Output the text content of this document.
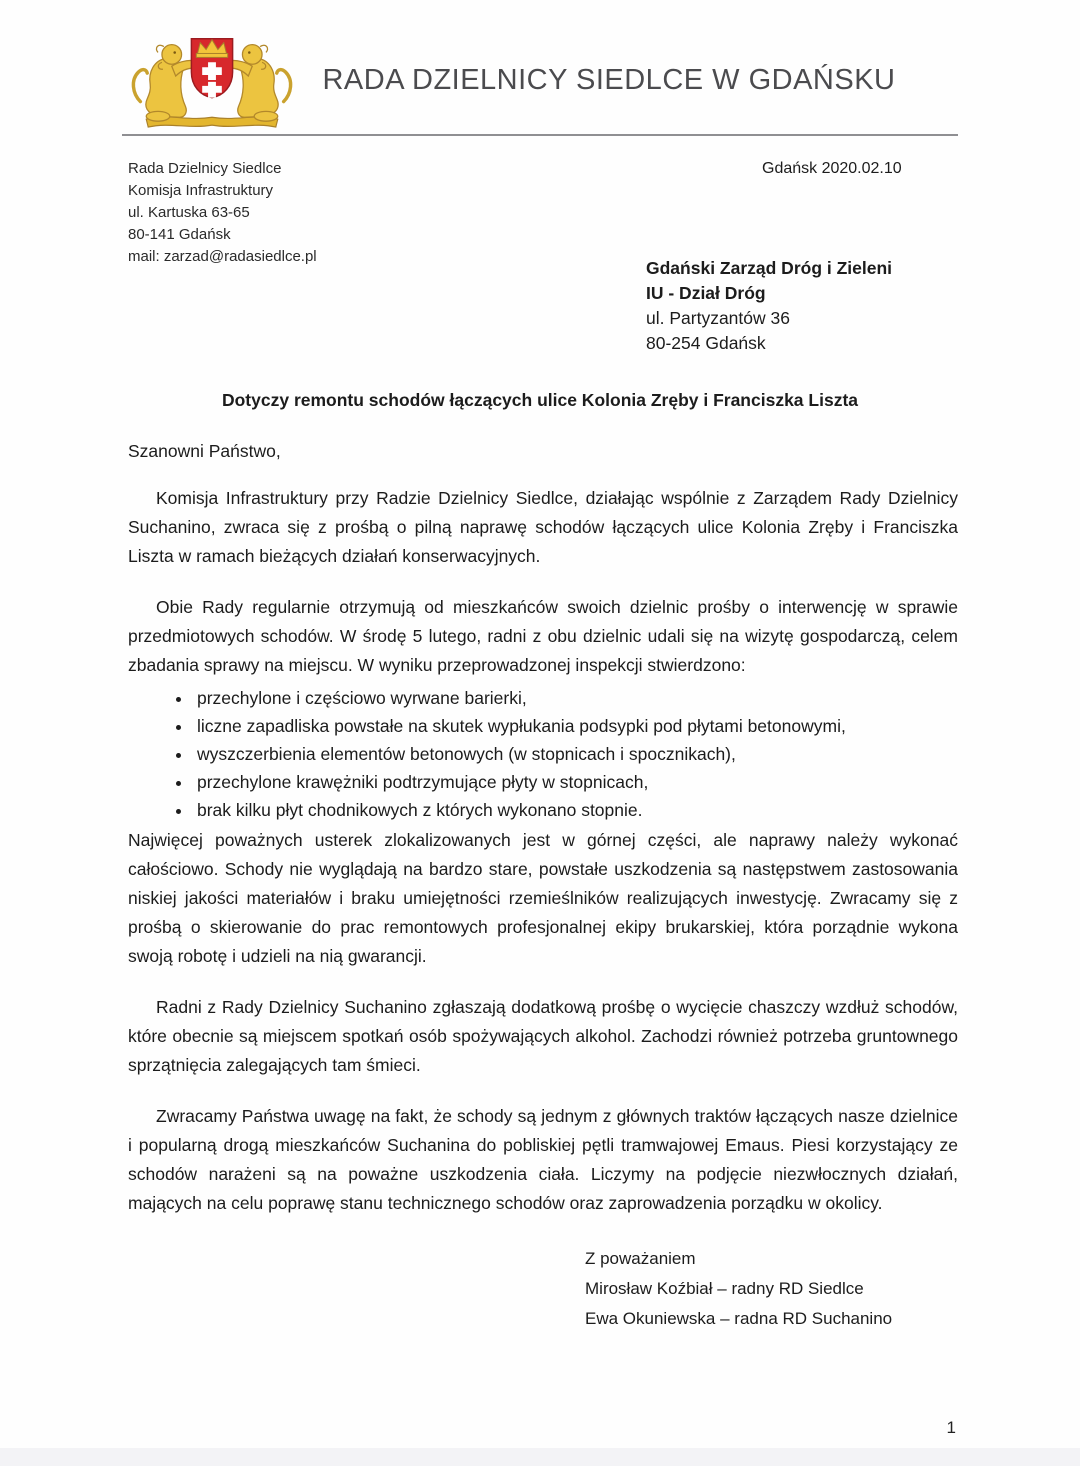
RADA DZIELNICY SIEDLCE W GDAŃSKU
Rada Dzielnicy Siedlce
Komisja Infrastruktury
ul. Kartuska 63-65
80-141 Gdańsk
mail: zarzad@radasiedlce.pl
Gdańsk 2020.02.10
Gdański Zarząd Dróg i Zieleni
IU - Dział Dróg
ul. Partyzantów 36
80-254 Gdańsk
Dotyczy remontu schodów łączących ulice Kolonia Zręby i Franciszka Liszta
Szanowni Państwo,

Komisja Infrastruktury przy Radzie Dzielnicy Siedlce, działając wspólnie z Zarządem Rady Dzielnicy Suchanino, zwraca się z prośbą o pilną naprawę schodów łączących ulice Kolonia Zręby i Franciszka Liszta w ramach bieżących działań konserwacyjnych.

Obie Rady regularnie otrzymują od mieszkańców swoich dzielnic prośby o interwencję w sprawie przedmiotowych schodów. W środę 5 lutego, radni z obu dzielnic udali się na wizytę gospodarczą, celem zbadania sprawy na miejscu. W wyniku przeprowadzonej inspekcji stwierdzono:

• przechylone i częściowo wyrwane barierki,
• liczne zapadliska powstałe na skutek wypłukania podsypki pod płytami betonowymi,
• wyszczerbienia elementów betonowych (w stopnicach i spocznikach),
• przechylone krawężniki podtrzymujące płyty w stopnicach,
• brak kilku płyt chodnikowych z których wykonano stopnie.

Najwięcej poważnych usterek zlokalizowanych jest w górnej części, ale naprawy należy wykonać całościowo. Schody nie wyglądają na bardzo stare, powstałe uszkodzenia są następstwem zastosowania niskiej jakości materiałów i braku umiejętności rzemieślników realizujących inwestycję. Zwracamy się z prośbą o skierowanie do prac remontowych profesjonalnej ekipy brukarskiej, która porządnie wykona swoją robotę i udzieli na nią gwarancji.

Radni z Rady Dzielnicy Suchanino zgłaszają dodatkową prośbę o wycięcie chaszczy wzdłuż schodów, które obecnie są miejscem spotkań osób spożywających alkohol. Zachodzi również potrzeba gruntownego sprzątnięcia zalegających tam śmieci.

Zwracamy Państwa uwagę na fakt, że schody są jednym z głównych traktów łączących nasze dzielnice i popularną drogą mieszkańców Suchanina do pobliskiej pętli tramwajowej Emaus. Piesi korzystający ze schodów narażeni są na poważne uszkodzenia ciała. Liczymy na podjęcie niezwłocznych działań, mających na celu poprawę stanu technicznego schodów oraz zaprowadzenia porządku w okolicy.

Z poważaniem
Mirosław Koźbiał – radny RD Siedlce
Ewa Okuniewska – radna RD Suchanino
1
